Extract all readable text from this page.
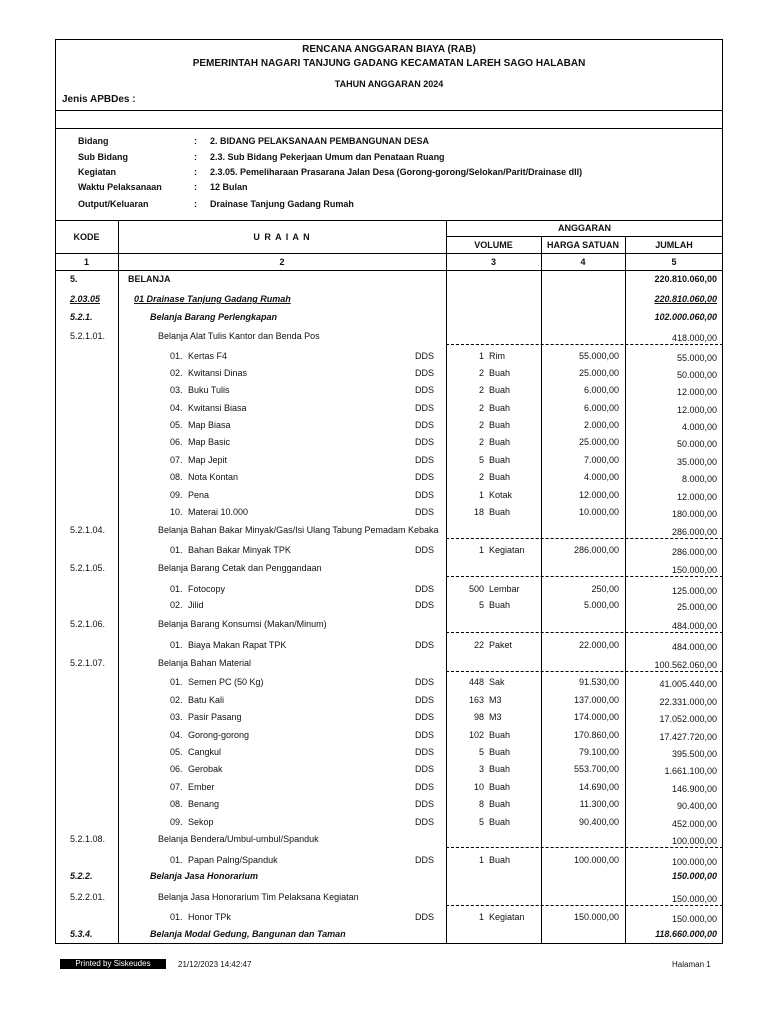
RENCANA ANGGARAN BIAYA (RAB)
PEMERINTAH NAGARI TANJUNG GADANG KECAMATAN LAREH SAGO HALABAN
TAHUN ANGGARAN 2024
Jenis APBDes :
Bidang	: 2. BIDANG PELAKSANAAN PEMBANGUNAN DESA
Sub Bidang	: 2.3. Sub Bidang Pekerjaan Umum dan Penataan Ruang
Kegiatan	: 2.3.05. Pemeliharaan Prasarana Jalan Desa (Gorong-gorong/Selokan/Parit/Drainase dll)
Waktu Pelaksanaan	: 12 Bulan
Output/Keluaran	: Drainase Tanjung Gadang Rumah
KODE	U R A I A N
ANGGARAN
VOLUME	HARGA SATUAN	JUMLAH
1	2	3	4	5
5.	BELANJA	220.810.060,00
2.03.05	01 Drainase Tanjung Gadang Rumah	220.810.060,00
5.2.1.	Belanja Barang Perlengkapan	102.000.060,00
5.2.1.01.	Belanja Alat Tulis Kantor dan Benda Pos	418.000,00
01. Kertas F4	DDS	1 Rim	55.000,00	55.000,00
02. Kwitansi Dinas	DDS	2 Buah	25.000,00	50.000,00
03. Buku Tulis	DDS	2 Buah	6.000,00	12.000,00
04. Kwitansi Biasa	DDS	2 Buah	6.000,00	12.000,00
05. Map Biasa	DDS	2 Buah	2.000,00	4.000,00
06. Map Basic	DDS	2 Buah	25.000,00	50.000,00
07. Map Jepit	DDS	5 Buah	7.000,00	35.000,00
08. Nota Kontan	DDS	2 Buah	4.000,00	8.000,00
09. Pena	DDS	1 Kotak	12.000,00	12.000,00
10. Materai 10.000	DDS	18 Buah	10.000,00	180.000,00
5.2.1.04.	Belanja Bahan Bakar Minyak/Gas/Isi Ulang Tabung Pemadam Kebaka	286.000,00
01. Bahan Bakar Minyak TPK	DDS	1 Kegiatan	286.000,00	286.000,00
5.2.1.05.	Belanja Barang Cetak dan Penggandaan	150.000,00
01. Fotocopy	DDS	500 Lembar	250,00	125.000,00
02. Jilid	DDS	5 Buah	5.000,00	25.000,00
5.2.1.06.	Belanja Barang Konsumsi (Makan/Minum)	484.000,00
01. Biaya Makan Rapat TPK	DDS	22 Paket	22.000,00	484.000,00
5.2.1.07.	Belanja Bahan Material	100.562.060,00
01. Semen PC (50 Kg)	DDS	448 Sak	91.530,00	41.005.440,00
02. Batu Kali	DDS	163 M3	137.000,00	22.331.000,00
03. Pasir Pasang	DDS	98 M3	174.000,00	17.052.000,00
04. Gorong-gorong	DDS	102 Buah	170.860,00	17.427.720,00
05. Cangkul	DDS	5 Buah	79.100,00	395.500,00
06. Gerobak	DDS	3 Buah	553.700,00	1.661.100,00
07. Ember	DDS	10 Buah	14.690,00	146.900,00
08. Benang	DDS	8 Buah	11.300,00	90.400,00
09. Sekop	DDS	5 Buah	90.400,00	452.000,00
5.2.1.08.	Belanja Bendera/Umbul-umbul/Spanduk	100.000,00
01. Papan Palng/Spanduk	DDS	1 Buah	100.000,00	100.000,00
5.2.2.	Belanja Jasa Honorarium	150.000,00
5.2.2.01.	Belanja Jasa Honorarium Tim Pelaksana Kegiatan	150.000,00
01. Honor TPk	DDS	1 Kegiatan	150.000,00	150.000,00
5.3.4.	Belanja Modal Gedung, Bangunan dan Taman	118.660.000,00
Printed by Siskeudes	21/12/2023 14:42:47	Halaman 1
